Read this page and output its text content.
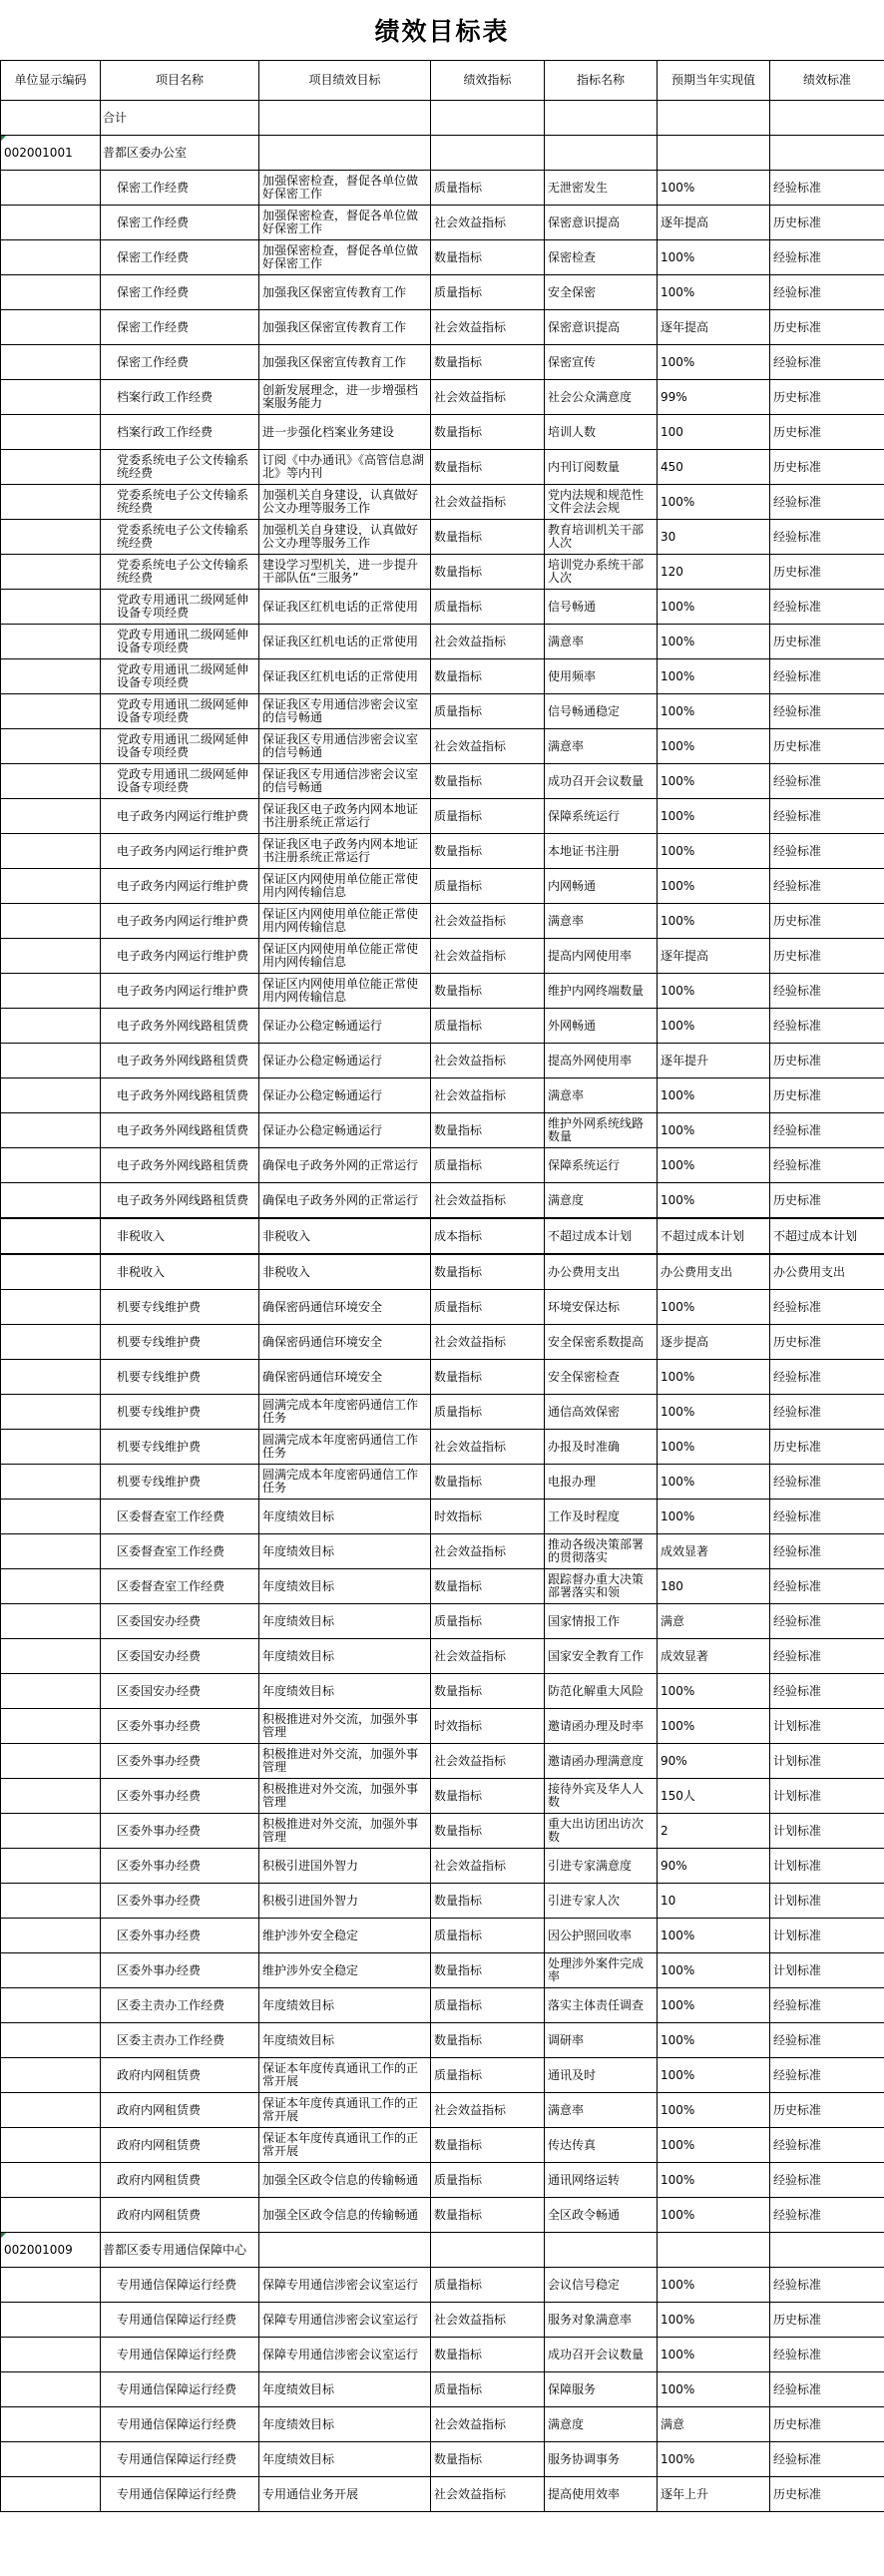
绩效目标表
单位显示编码	项目名称	项目绩效目标	绩效指标	指标名称	预期当年实现值	绩效标准
	合计					
002001001	普都区委办公室					
	保密工作经费	加强保密检查，督促各单位做好保密工作	质量指标	无泄密发生	100%	经验标准
	保密工作经费	加强保密检查，督促各单位做好保密工作	社会效益指标	保密意识提高	逐年提高	历史标准
	保密工作经费	加强保密检查，督促各单位做好保密工作	数量指标	保密检查	100%	经验标准
	保密工作经费	加强我区保密宣传教育工作	质量指标	安全保密	100%	经验标准
	保密工作经费	加强我区保密宣传教育工作	社会效益指标	保密意识提高	逐年提高	历史标准
	保密工作经费	加强我区保密宣传教育工作	数量指标	保密宣传	100%	经验标准
	档案行政工作经费	创新发展理念，进一步增强档案服务能力	社会效益指标	社会公众满意度	99%	历史标准
	档案行政工作经费	进一步强化档案业务建设	数量指标	培训人数	100	历史标准
	党委系统电子公文传输系统经费	订阅《中办通讯》《高管信息湖北》等内刊	数量指标	内刊订阅数量	450	历史标准
	党委系统电子公文传输系统经费	加强机关自身建设，认真做好公文办理等服务工作	社会效益指标	党内法规和规范性文件会法会规	100%	经验标准
	党委系统电子公文传输系统经费	加强机关自身建设，认真做好公文办理等服务工作	数量指标	教育培训机关干部人次	30	经验标准
	党委系统电子公文传输系统经费	建设学习型机关，进一步提升干部队伍“三服务”	数量指标	培训党办系统干部人次	120	历史标准
	党政专用通讯二级网延伸设备专项经费	保证我区红机电话的正常使用	质量指标	信号畅通	100%	经验标准
	党政专用通讯二级网延伸设备专项经费	保证我区红机电话的正常使用	社会效益指标	满意率	100%	历史标准
	党政专用通讯二级网延伸设备专项经费	保证我区红机电话的正常使用	数量指标	使用频率	100%	经验标准
	党政专用通讯二级网延伸设备专项经费	保证我区专用通信涉密会议室的信号畅通	质量指标	信号畅通稳定	100%	经验标准
	党政专用通讯二级网延伸设备专项经费	保证我区专用通信涉密会议室的信号畅通	社会效益指标	满意率	100%	历史标准
	党政专用通讯二级网延伸设备专项经费	保证我区专用通信涉密会议室的信号畅通	数量指标	成功召开会议数量	100%	经验标准
	电子政务内网运行维护费	保证我区电子政务内网本地证书注册系统正常运行	质量指标	保障系统运行	100%	经验标准
	电子政务内网运行维护费	保证我区电子政务内网本地证书注册系统正常运行	数量指标	本地证书注册	100%	经验标准
	电子政务内网运行维护费	保证区内网使用单位能正常使用内网传输信息	质量指标	内网畅通	100%	经验标准
	电子政务内网运行维护费	保证区内网使用单位能正常使用内网传输信息	社会效益指标	满意率	100%	历史标准
	电子政务内网运行维护费	保证区内网使用单位能正常使用内网传输信息	社会效益指标	提高内网使用率	逐年提高	历史标准
	电子政务内网运行维护费	保证区内网使用单位能正常使用内网传输信息	数量指标	维护内网终端数量	100%	经验标准
	电子政务外网线路租赁费	保证办公稳定畅通运行	质量指标	外网畅通	100%	经验标准
	电子政务外网线路租赁费	保证办公稳定畅通运行	社会效益指标	提高外网使用率	逐年提升	历史标准
	电子政务外网线路租赁费	保证办公稳定畅通运行	社会效益指标	满意率	100%	历史标准
	电子政务外网线路租赁费	保证办公稳定畅通运行	数量指标	维护外网系统线路数量	100%	经验标准
	电子政务外网线路租赁费	确保电子政务外网的正常运行	质量指标	保障系统运行	100%	经验标准
	电子政务外网线路租赁费	确保电子政务外网的正常运行	社会效益指标	满意度	100%	历史标准
	非税收入	非税收入	成本指标	不超过成本计划	不超过成本计划	不超过成本计划
	非税收入	非税收入	数量指标	办公费用支出	办公费用支出	办公费用支出
	机要专线维护费	确保密码通信环境安全	质量指标	环境安保达标	100%	经验标准
	机要专线维护费	确保密码通信环境安全	社会效益指标	安全保密系数提高	逐步提高	历史标准
	机要专线维护费	确保密码通信环境安全	数量指标	安全保密检查	100%	经验标准
	机要专线维护费	圆满完成本年度密码通信工作任务	质量指标	通信高效保密	100%	经验标准
	机要专线维护费	圆满完成本年度密码通信工作任务	社会效益指标	办报及时准确	100%	历史标准
	机要专线维护费	圆满完成本年度密码通信工作任务	数量指标	电报办理	100%	经验标准
	区委督查室工作经费	年度绩效目标	时效指标	工作及时程度	100%	经验标准
	区委督查室工作经费	年度绩效目标	社会效益指标	推动各级决策部署的贯彻落实	成效显著	经验标准
	区委督查室工作经费	年度绩效目标	数量指标	跟踪督办重大决策部署落实和领	180	经验标准
	区委国安办经费	年度绩效目标	质量指标	国家情报工作	满意	经验标准
	区委国安办经费	年度绩效目标	社会效益指标	国家安全教育工作	成效显著	经验标准
	区委国安办经费	年度绩效目标	数量指标	防范化解重大风险	100%	经验标准
	区委外事办经费	积极推进对外交流，加强外事管理	时效指标	邀请函办理及时率	100%	计划标准
	区委外事办经费	积极推进对外交流，加强外事管理	社会效益指标	邀请函办理满意度	90%	计划标准
	区委外事办经费	积极推进对外交流，加强外事管理	数量指标	接待外宾及华人人数	150人	计划标准
	区委外事办经费	积极推进对外交流，加强外事管理	数量指标	重大出访团出访次数	2	计划标准
	区委外事办经费	积极引进国外智力	社会效益指标	引进专家满意度	90%	计划标准
	区委外事办经费	积极引进国外智力	数量指标	引进专家人次	10	计划标准
	区委外事办经费	维护涉外安全稳定	质量指标	因公护照回收率	100%	计划标准
	区委外事办经费	维护涉外安全稳定	数量指标	处理涉外案件完成率	100%	计划标准
	区委主责办工作经费	年度绩效目标	质量指标	落实主体责任调查	100%	经验标准
	区委主责办工作经费	年度绩效目标	数量指标	调研率	100%	经验标准
	政府内网租赁费	保证本年度传真通讯工作的正常开展	质量指标	通讯及时	100%	经验标准
	政府内网租赁费	保证本年度传真通讯工作的正常开展	社会效益指标	满意率	100%	历史标准
	政府内网租赁费	保证本年度传真通讯工作的正常开展	数量指标	传达传真	100%	经验标准
	政府内网租赁费	加强全区政令信息的传输畅通	质量指标	通讯网络运转	100%	经验标准
	政府内网租赁费	加强全区政令信息的传输畅通	数量指标	全区政令畅通	100%	经验标准
002001009	普都区委专用通信保障中心					
	专用通信保障运行经费	保障专用通信涉密会议室运行	质量指标	会议信号稳定	100%	经验标准
	专用通信保障运行经费	保障专用通信涉密会议室运行	社会效益指标	服务对象满意率	100%	历史标准
	专用通信保障运行经费	保障专用通信涉密会议室运行	数量指标	成功召开会议数量	100%	经验标准
	专用通信保障运行经费	年度绩效目标	质量指标	保障服务	100%	经验标准
	专用通信保障运行经费	年度绩效目标	社会效益指标	满意度	满意	历史标准
	专用通信保障运行经费	年度绩效目标	数量指标	服务协调事务	100%	经验标准
	专用通信保障运行经费	专用通信业务开展	社会效益指标	提高使用效率	逐年上升	历史标准
